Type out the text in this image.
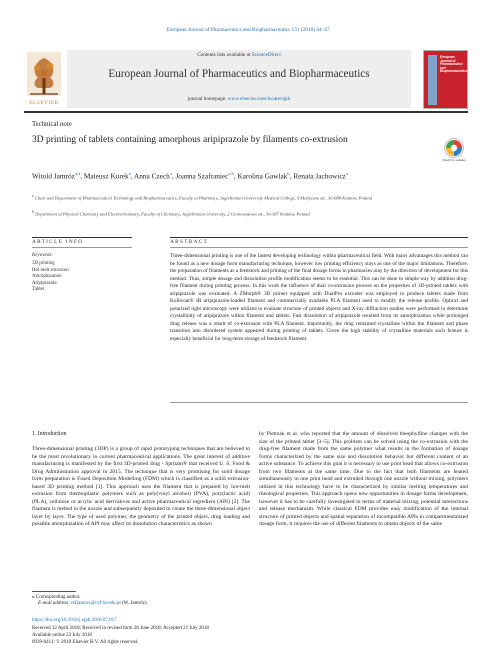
European Journal of Pharmaceutics and Biopharmaceutics 131 (2018) 44–47
ELSEVIER
Contents lists available at ScienceDirect
European Journal of Pharmaceutics and Biopharmaceutics
journal homepage: www.elsevier.com/locate/ejpb
European Journal of Pharmaceutics and Biopharmaceutics
Technical note
3D printing of tablets containing amorphous aripiprazole by filaments co-extrusion
Check for updates
Witold Jamróz$^{a,⁎}$, Mateusz Kurek$^a$, Anna Czech$^a$, Joanna Szafraniec$^{a,b}$, Karolina Gawlak$^b$, Renata Jachowicz$^a$
$^a$ Chair and Department of Pharmaceutical Technology and Biopharmaceutics, Faculty of Pharmacy, Jagiellonian University Medical College, 9 Medyczna str., 30-688 Kraków, Poland
$^b$ Department of Physical Chemistry and Electrochemistry, Faculty of Chemistry, Jagiellonian University, 2 Gronostajowa str., 30-387 Kraków, Poland
ARTICLE INFO	ABSTRACT
Keywords:
3D printing
Hot melt extrusion
Amorphization
Aripiprazole
Tablet
Three-dimensional printing is one of the fastest developing technology within pharmaceutical field. With many advantages this method can be found as a new dosage form manufacturing technique, however low printing efficiency stays as one of the major limitations. Therefore, the preparation of filaments as a feedstock and printing of the final dosage forms in pharmacies may by the direction of development for this method. Thus, simple dosage and dissolution profile modification seems to be essential. This can be done in simple way by addition drug-free filament during printing process. In this work the influence of dual co-extrusion process on the properties of 3D-printed tablets with aripiprazole was evaluated. A ZMorph® 3D printer equipped with DualPro extruder was employed to produce tablets made from Kollicoat® IR aripiprazole-loaded filament and commercially available PLA filament used to modify the release profile. Optical and polarized light microscopy were utilized to evaluate structure of printed objects and X-ray diffraction studies were performed to determine crystallinity of aripiprazole within filament and tablets. Fast dissolution of aripiprazole resulted from its amorphization while prolonged drug release was a result of co-extrusion with PLA filament. Importantly, the drug remained crystalline within the filament and phase transition into disordered system appeared during printing of tablets. Given the high stability of crystalline materials such feature is especially beneficial for long-term storage of feedstock filament.
1. Introduction
Three-dimensional printing (3DP) is a group of rapid prototyping techniques that are believed to be the most revolutionary in current pharmaceutical applications. The great interest of additive manufacturing is manifested by the first 3D-printed drug - Spritam® that received U. S. Food & Drug Administration approval in 2015. The technique that is very promising for solid dosage form preparation is Fused Deposition Modelling (FDM) which is classified as a solid extrusion-based 3D printing method [1]. This approach uses the filament that is prepared by hot-melt extrusion from thermoplastic polymers such as poly(vinyl alcohol) (PVA), poly(lactic acid) (PLA), cellulose or acrylic acid derivatives and active pharmaceutical ingredient (API) [2]. The filament is melted in the nozzle and subsequently deposited to create the three-dimensional object layer by layer. The type of used polymer, the geometry of the printed object, drug loading and possible amorphization of API may affect its dissolution characteristics as shown
by Pietrzak et al. who reported that the amount of dissolved theophylline changes with the size of the printed tablet [3–5]. This problem can be solved using the co-extrusion with the drug-free filament made from the same polymer what results in the formation of dosage forms characterized by the same size and dissolution behavior but different content of an active substance. To achieve this goal it is necessary to use print head that allows co-extrusion from two filaments at the same time. Due to the fact that both filaments are heated simultaneously in one print head and extruded through one nozzle without mixing, polymers utilized in this technology have to be characterized by similar melting temperatures and rheological properties. This approach opens new opportunities in dosage forms development, however it has to be carefully investigated in terms of material mixing, potential interactions and release mechanism. While classical FDM provides easy modification of the internal structure of printed objects and spatial separation of incompatible APIs in compartmentalized dosage form, it requires the use of different filaments to obtain objects of the same
⁎ Corresponding author.
E-mail address: mfjamroz@cyf-kr.edu.pl (W. Jamróz).
https://doi.org/10.1016/j.ejpb.2018.07.017
Received 12 April 2018; Received in revised form 28 June 2018; Accepted 21 July 2018
Available online 23 July 2018
0939-6411/ © 2018 Elsevier B.V. All rights reserved.
